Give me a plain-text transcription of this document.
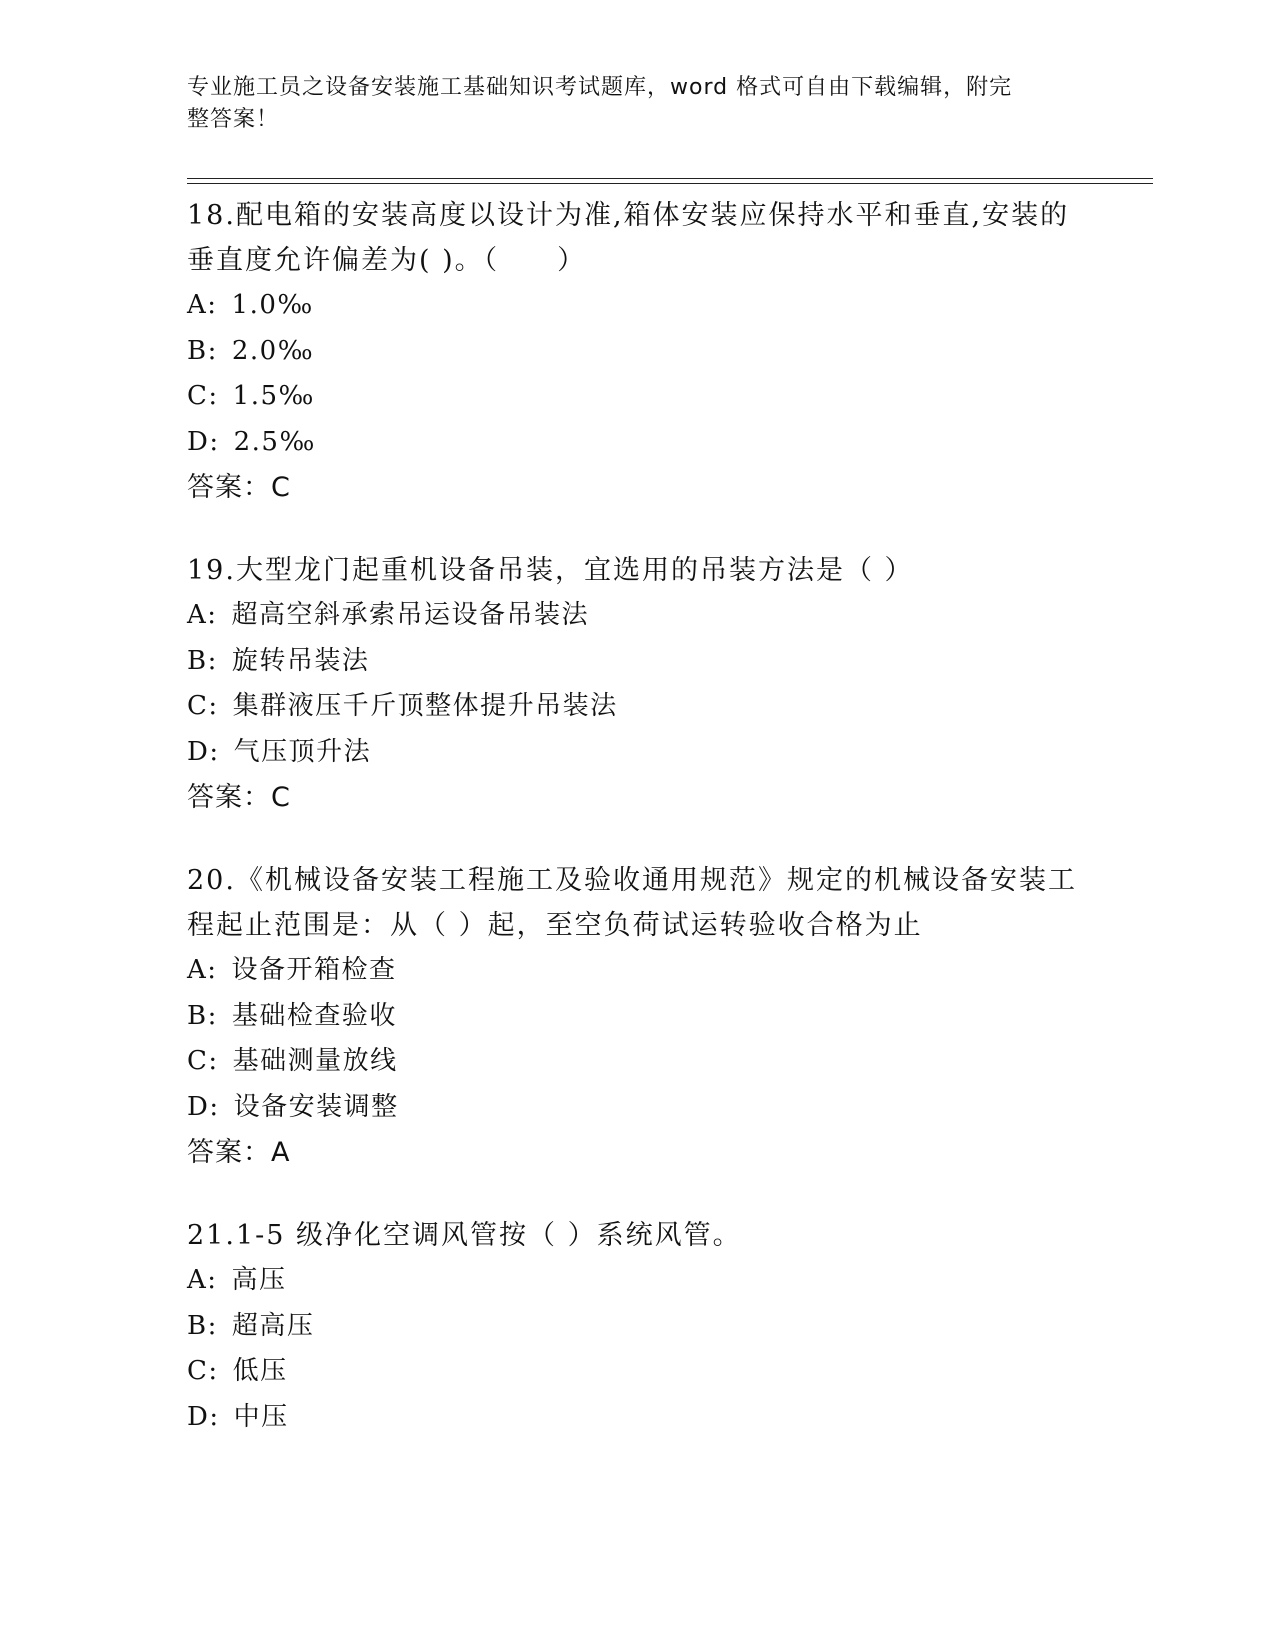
专业施工员之设备安装施工基础知识考试题库，word 格式可自由下载编辑，附完
整答案！

18.配电箱的安装高度以设计为准,箱体安装应保持水平和垂直,安装的

垂直度允许偏差为( )。（　　）

A: 1.0‰

B: 2.0‰

C: 1.5‰

D: 2.5‰

答案：C

19.大型龙门起重机设备吊装，宜选用的吊装方法是（ ）

A: 超高空斜承索吊运设备吊装法

B: 旋转吊装法

C: 集群液压千斤顶整体提升吊装法

D: 气压顶升法

答案：C

20.《机械设备安装工程施工及验收通用规范》规定的机械设备安装工

程起止范围是：从（ ）起，至空负荷试运转验收合格为止

A: 设备开箱检查

B: 基础检查验收

C: 基础测量放线

D: 设备安装调整

答案：A

21.1-5 级净化空调风管按（ ）系统风管。

A: 高压

B: 超高压

C: 低压

D: 中压
